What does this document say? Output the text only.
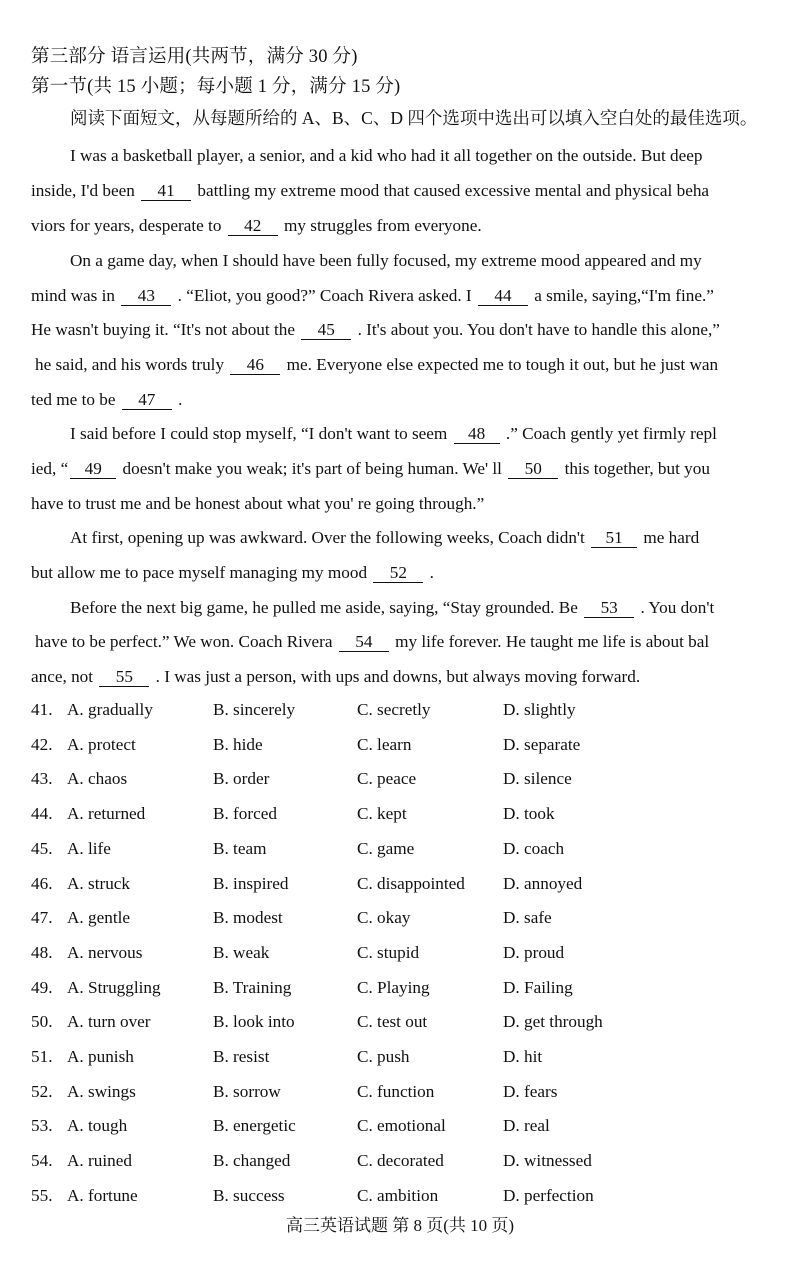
第三部分 语言运用(共两节，满分 30 分)
第一节(共 15 小题；每小题 1 分，满分 15 分)
阅读下面短文，从每题所给的 A、B、C、D 四个选项中选出可以填入空白处的最佳选项。
I was a basketball player, a senior, and a kid who had it all together on the outside. But deep
inside, I'd been 41 battling my extreme mood that caused excessive mental and physical beha
viors for years, desperate to 42 my struggles from everyone.
On a game day, when I should have been fully focused, my extreme mood appeared and my
mind was in 43 . “Eliot, you good?” Coach Rivera asked. I 44 a smile, saying,“I'm fine.”
He wasn't buying it. “It's not about the 45 . It's about you. You don't have to handle this alone,”
he said, and his words truly 46 me. Everyone else expected me to tough it out, but he just wan
ted me to be 47 .
I said before I could stop myself, “I don't want to seem 48 .” Coach gently yet firmly repl
ied, “ 49 doesn't make you weak; it's part of being human. We' ll 50 this together, but you
have to trust me and be honest about what you' re going through.”
At first, opening up was awkward. Over the following weeks, Coach didn't 51 me hard
but allow me to pace myself managing my mood 52 .
Before the next big game, he pulled me aside, saying, “Stay grounded. Be 53 . You don't
have to be perfect.” We won. Coach Rivera 54 my life forever. He taught me life is about bal
ance, not 55 . I was just a person, with ups and downs, but always moving forward.
41. A. gradually	B. sincerely	C. secretly	D. slightly
42. A. protect	B. hide	C. learn	D. separate
43. A. chaos	B. order	C. peace	D. silence
44. A. returned	B. forced	C. kept	D. took
45. A. life	B. team	C. game	D. coach
46. A. struck	B. inspired	C. disappointed D. annoyed
47. A. gentle	B. modest	C. okay	D. safe
48. A. nervous	B. weak	C. stupid	D. proud
49. A. Struggling	B. Training	C. Playing	D. Failing
50. A. turn over	B. look into	C. test out	D. get through
51. A. punish	B. resist	C. push	D. hit
52. A. swings	B. sorrow	C. function	D. fears
53. A. tough	B. energetic	C. emotional	D. real
54. A. ruined	B. changed	C. decorated	D. witnessed
55. A. fortune	B. success	C. ambition	D. perfection
高三英语试题 第 8 页(共 10 页)
